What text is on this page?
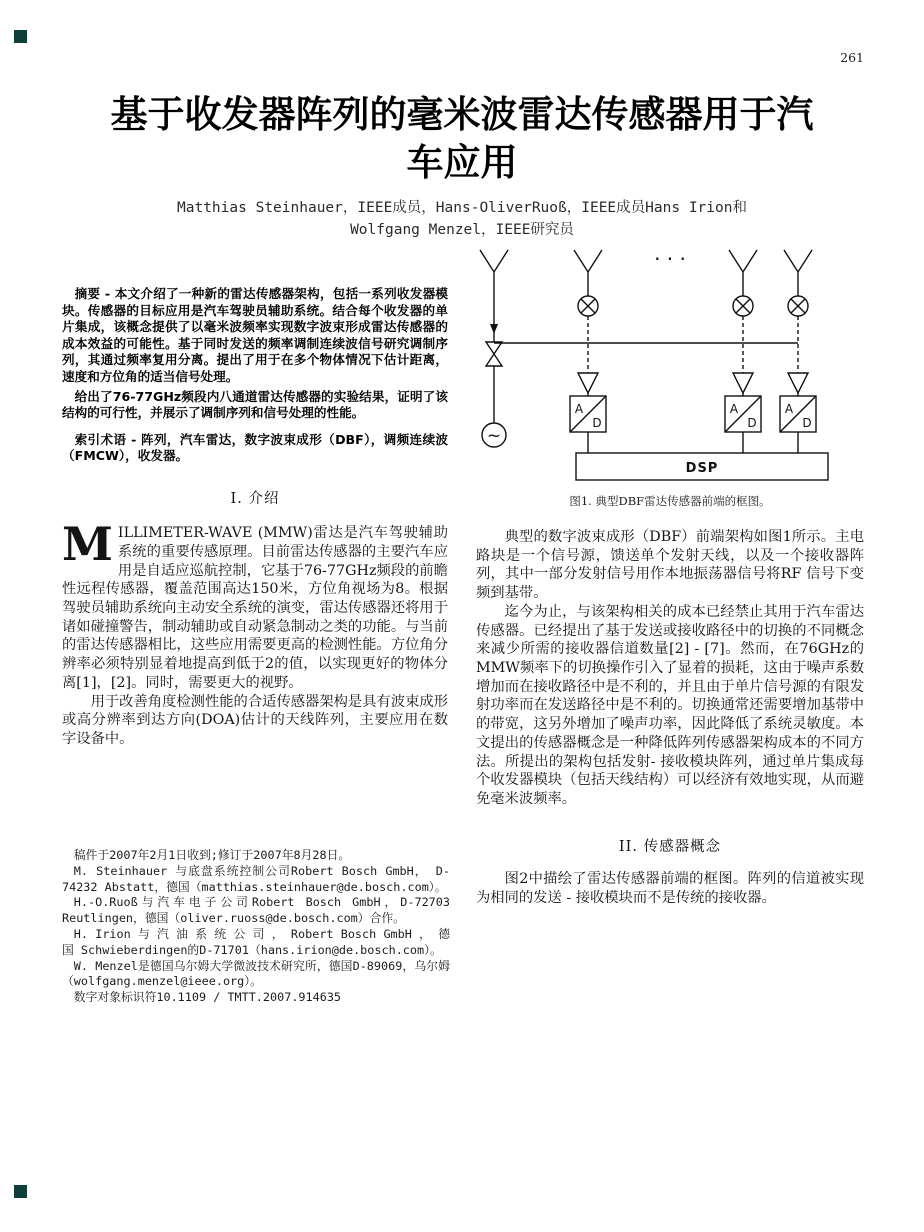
261
基于收发器阵列的毫米波雷达传感器用于汽
车应用
Matthias Steinhauer，IEEE成员，Hans-OliverRuoß，IEEE成员Hans Irion和
Wolfgang Menzel，IEEE研究员

摘要 - 本文介绍了一种新的雷达传感器架构，包括一系列收发器模块。传感器的目标应用是汽车驾驶员辅助系统。结合每个收发器的单片集成，该概念提供了以毫米波频率实现数字波束形成雷达传感器的成本效益的可能性。基于同时发送的频率调制连续波信号研究调制序列，其通过频率复用分离。提出了用于在多个物体情况下估计距离，速度和方位角的适当信号处理。

给出了76-77GHz频段内八通道雷达传感器的实验结果，证明了该结构的可行性，并展示了调制序列和信号处理的性能。

索引术语 - 阵列，汽车雷达，数字波束成形（DBF），调频连续波（FMCW），收发器。

I. 介绍

MILLIMETER-WAVE (MMW)雷达是汽车驾驶辅助系统的重要传感原理。目前雷达传感器的主要汽车应用是自适应巡航控制，它基于76-77GHz频段的前瞻性远程传感器，覆盖范围高达150米，方位角视场为8。根据驾驶员辅助系统向主动安全系统的演变，雷达传感器还将用于诸如碰撞警告，制动辅助或自动紧急制动之类的功能。与当前的雷达传感器相比，这些应用需要更高的检测性能。方位角分辨率必须特别显着地提高到低于2的值，以实现更好的物体分离[1]，[2]。同时，需要更大的视野。

用于改善角度检测性能的合适传感器架构是具有波束成形或高分辨率到达方向(DOA)估计的天线阵列，主要应用在数字设备中。

稿件于2007年2月1日收到;修订于2007年8月28日。

M. Steinhauer 与底盘系统控制公司Robert Bosch GmbH， D-74232 Abstatt，德国（matthias.steinhauer@de.bosch.com）。

H.-O.Ruoß与汽车电子公司Robert Bosch GmbH，D-72703 Reutlingen，德国（oliver.ruoss@de.bosch.com）合作。

H. Irion 与 汽 油 系 统 公 司 ， Robert Bosch GmbH ， 德 国 Schwieberdingen的D-71701（hans.irion@de.bosch.com）。

W. Menzel是德国乌尔姆大学微波技术研究所，德国D-89069，乌尔姆（wolfgang.menzel@ieee.org）。

数字对象标识符10.1109 / TMTT.2007.914635

· · ·
~
A
D
A
D
A
D
DSP
图1. 典型DBF雷达传感器前端的框图。

典型的数字波束成形（DBF）前端架构如图1所示。主电路块是一个信号源，馈送单个发射天线，以及一个接收器阵列，其中一部分发射信号用作本地振荡器信号将RF 信号下变频到基带。

迄今为止，与该架构相关的成本已经禁止其用于汽车雷达传感器。已经提出了基于发送或接收路径中的切换的不同概念来减少所需的接收器信道数量[2] - [7]。然而，在76GHz的MMW频率下的切换操作引入了显着的损耗，这由于噪声系数增加而在接收路径中是不利的，并且由于单片信号源的有限发射功率而在发送路径中是不利的。切换通常还需要增加基带中的带宽，这另外增加了噪声功率，因此降低了系统灵敏度。本文提出的传感器概念是一种降低阵列传感器架构成本的不同方法。所提出的架构包括发射- 接收模块阵列，通过单片集成每个收发器模块（包括天线结构）可以经济有效地实现，从而避免毫米波频率。

II. 传感器概念

图2中描绘了雷达传感器前端的框图。阵列的信道被实现为相同的发送 - 接收模块而不是传统的接收器。
